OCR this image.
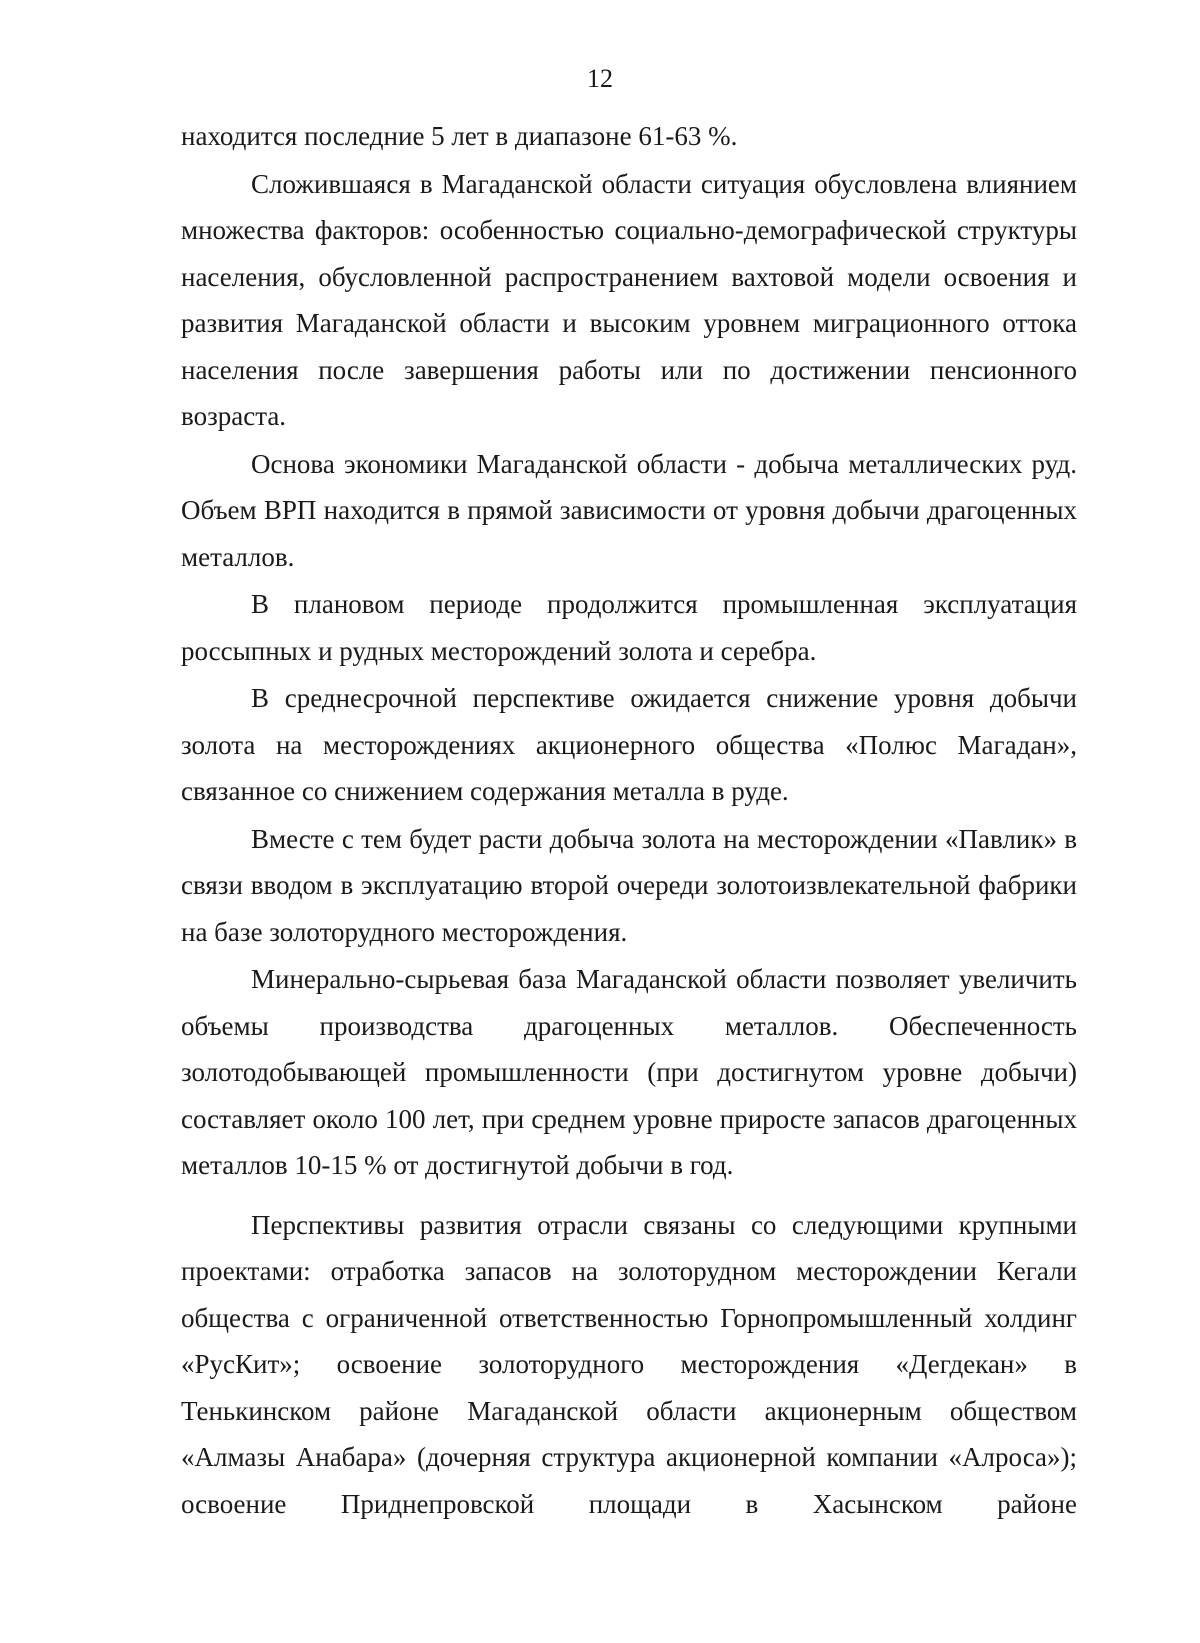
12

находится последние 5 лет в диапазоне 61-63 %.

Сложившаяся в Магаданской области ситуация обусловлена влиянием множества факторов: особенностью социально-демографической структуры населения, обусловленной распространением вахтовой модели освоения и развития Магаданской области и высоким уровнем миграционного оттока населения после завершения работы или по достижении пенсионного возраста.

Основа экономики Магаданской области - добыча металлических руд. Объем ВРП находится в прямой зависимости от уровня добычи драгоценных металлов.

В плановом периоде продолжится промышленная эксплуатация россыпных и рудных месторождений золота и серебра.

В среднесрочной перспективе ожидается снижение уровня добычи золота на месторождениях акционерного общества «Полюс Магадан», связанное со снижением содержания металла в руде.

Вместе с тем будет расти добыча золота на месторождении «Павлик» в связи вводом в эксплуатацию второй очереди золотоизвлекательной фабрики на базе золоторудного месторождения.

Минерально-сырьевая база Магаданской области позволяет увеличить объемы производства драгоценных металлов. Обеспеченность золотодобывающей промышленности (при достигнутом уровне добычи) составляет около 100 лет, при среднем уровне приросте запасов драгоценных металлов 10-15 % от достигнутой добычи в год.

Перспективы развития отрасли связаны со следующими крупными проектами: отработка запасов на золоторудном месторождении Кегали общества с ограниченной ответственностью Горнопромышленный холдинг «РусКит»; освоение золоторудного месторождения «Дегдекан» в Тенькинском районе Магаданской области акционерным обществом «Алмазы Анабара» (дочерняя структура акционерной компании «Алроса»); освоение Приднепровской площади в Хасынском районе
